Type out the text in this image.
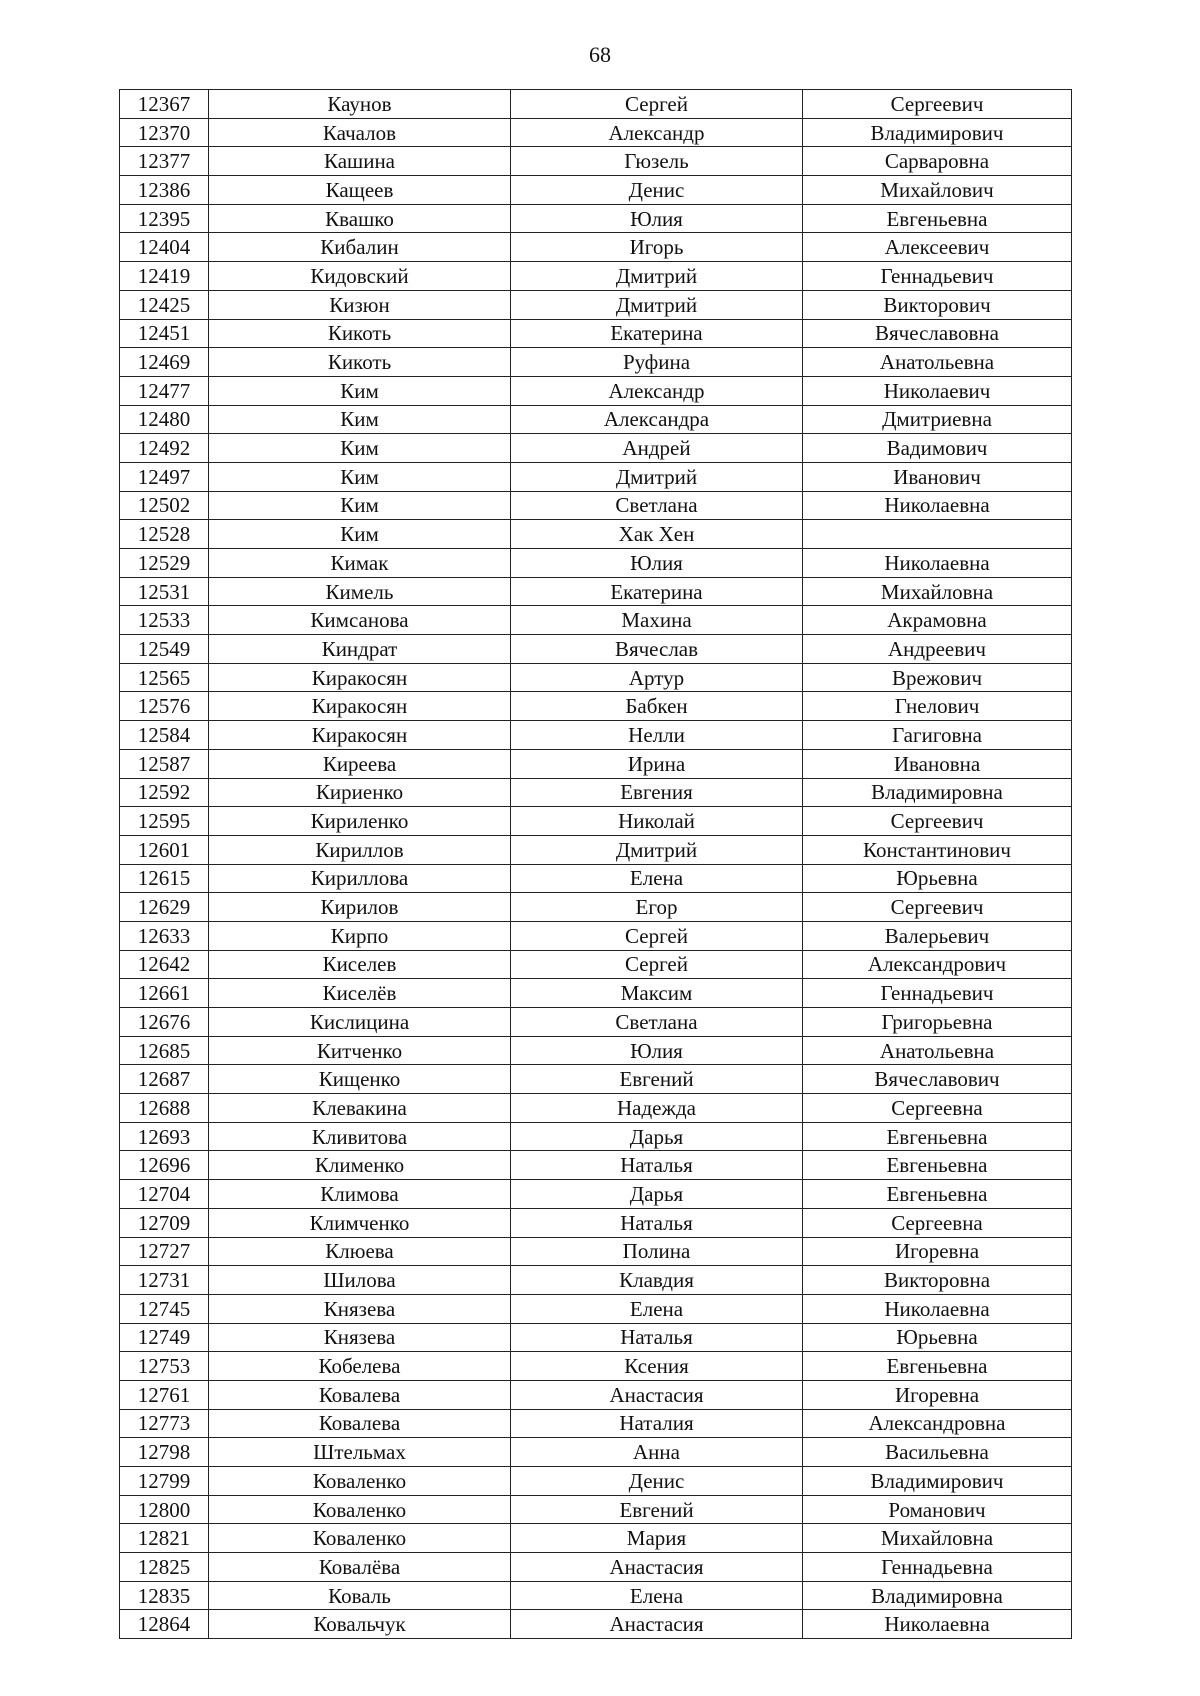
68
12367	Каунов	Сергей	Сергеевич
12370	Качалов	Александр	Владимирович
12377	Кашина	Гюзель	Сарваровна
12386	Кащеев	Денис	Михайлович
12395	Квашко	Юлия	Евгеньевна
12404	Кибалин	Игорь	Алексеевич
12419	Кидовский	Дмитрий	Геннадьевич
12425	Кизюн	Дмитрий	Викторович
12451	Кикоть	Екатерина	Вячеславовна
12469	Кикоть	Руфина	Анатольевна
12477	Ким	Александр	Николаевич
12480	Ким	Александра	Дмитриевна
12492	Ким	Андрей	Вадимович
12497	Ким	Дмитрий	Иванович
12502	Ким	Светлана	Николаевна
12528	Ким	Хак Хен	
12529	Кимак	Юлия	Николаевна
12531	Кимель	Екатерина	Михайловна
12533	Кимсанова	Махина	Акрамовна
12549	Киндрат	Вячеслав	Андреевич
12565	Киракосян	Артур	Врежович
12576	Киракосян	Бабкен	Гнелович
12584	Киракосян	Нелли	Гагиговна
12587	Киреева	Ирина	Ивановна
12592	Кириенко	Евгения	Владимировна
12595	Кириленко	Николай	Сергеевич
12601	Кириллов	Дмитрий	Константинович
12615	Кириллова	Елена	Юрьевна
12629	Кирилов	Егор	Сергеевич
12633	Кирпо	Сергей	Валерьевич
12642	Киселев	Сергей	Александрович
12661	Киселёв	Максим	Геннадьевич
12676	Кислицина	Светлана	Григорьевна
12685	Китченко	Юлия	Анатольевна
12687	Кищенко	Евгений	Вячеславович
12688	Клевакина	Надежда	Сергеевна
12693	Кливитова	Дарья	Евгеньевна
12696	Клименко	Наталья	Евгеньевна
12704	Климова	Дарья	Евгеньевна
12709	Климченко	Наталья	Сергеевна
12727	Клюева	Полина	Игоревна
12731	Шилова	Клавдия	Викторовна
12745	Князева	Елена	Николаевна
12749	Князева	Наталья	Юрьевна
12753	Кобелева	Ксения	Евгеньевна
12761	Ковалева	Анастасия	Игоревна
12773	Ковалева	Наталия	Александровна
12798	Штельмах	Анна	Васильевна
12799	Коваленко	Денис	Владимирович
12800	Коваленко	Евгений	Романович
12821	Коваленко	Мария	Михайловна
12825	Ковалёва	Анастасия	Геннадьевна
12835	Коваль	Елена	Владимировна
12864	Ковальчук	Анастасия	Николаевна
